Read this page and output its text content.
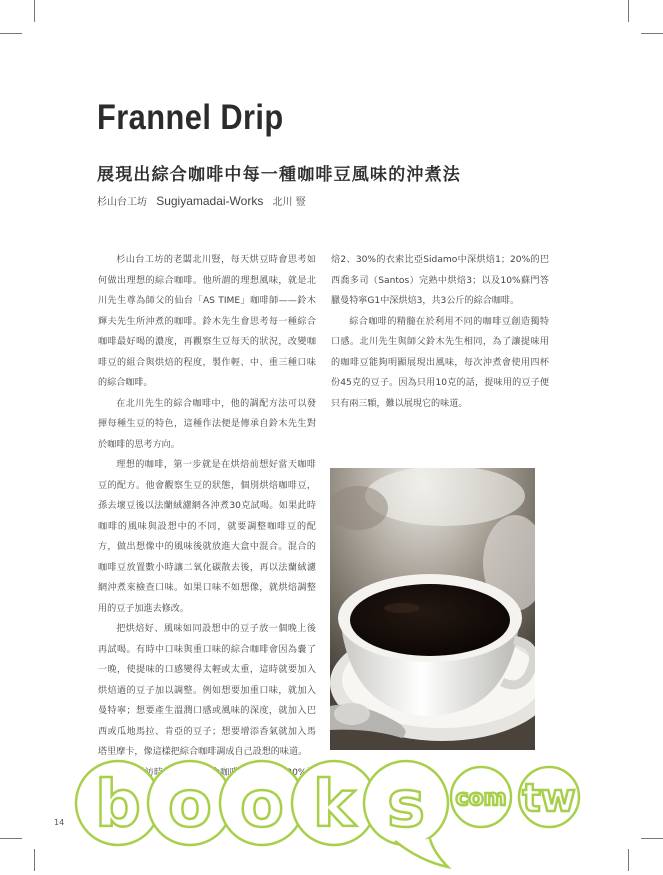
Frannel Drip
展現出綜合咖啡中每一種咖啡豆風味的沖煮法
杉山台工坊 Sugiyamadai-Works 北川 豎

杉山台工坊的老闆北川豎，每天烘豆時會思考如何做出理想的綜合咖啡。他所謂的理想風味，就是北川先生尊為師父的仙台「AS TIME」咖啡師——鈴木輝夫先生所沖煮的咖啡。鈴木先生會思考每一種綜合咖啡最好喝的濃度，再觀察生豆每天的狀況，改變咖啡豆的組合與烘焙的程度，製作輕、中、重三種口味的綜合咖啡。

在北川先生的綜合咖啡中，他的調配方法可以發揮每種生豆的特色，這種作法便是傳承自鈴木先生對於咖啡的思考方向。

理想的咖啡，第一步就是在烘焙前想好當天咖啡豆的配方。他會觀察生豆的狀態，個別烘焙咖啡豆，孫去壞豆後以法蘭絨濾網各沖煮30克試喝。如果此時咖啡的風味與設想中的不同，就要調整咖啡豆的配方，做出想像中的風味後就放進大盒中混合。混合的咖啡豆放置數小時讓二氧化碳散去後，再以法蘭絨濾網沖煮來檢查口味。如果口味不如想像，就烘焙調整用的豆子加進去修改。

把烘焙好、風味如同設想中的豆子放一個晚上後再試喝。有時中口味與重口味的綜合咖啡會因為嚢了一晚，使提味的口感變得太輕或太重，這時就要加入烘焙過的豆子加以調整。例如想要加重口味，就加入曼特寧；想要產生溫潤口感或風味的深度，就加入巴西或瓜地馬拉、肯亞的豆子；想要增添香氣就加入馬塔里摩卡，像這樣把綜合咖啡調成自己設想的味道。

焙2、30%的衣索比亞Sidamo中深烘焙1；20%的巴西喬多司（Santos）完熟中烘焙3；以及10%蘇門答臘曼特寧G1中深烘焙3，共3公斤的綜合咖啡。

綜合咖啡的精髓在於利用不同的咖啡豆創造獨特口感。北川先生與師父鈴木先生相同，為了讓提味用的咖啡豆能夠明顯展現出風味，每次沖煮會使用四杯份45克的豆子。因為只用10克的話，提味用的豆子便只有兩三顆，難以展現它的味道。

14 b o o k s com tw
